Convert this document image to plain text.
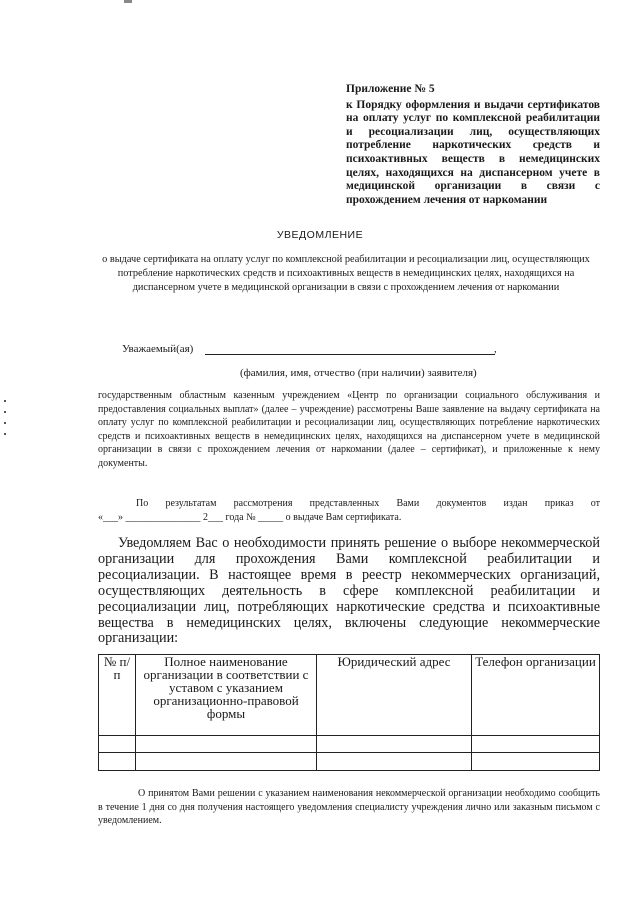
Приложение № 5
к Порядку оформления и выдачи сертификатов на оплату услуг по комплексной реабилитации и ресоциализации лиц, осуществляющих потребление наркотических средств и психоактивных веществ в немедицинских целях, находящихся на диспансерном учете в медицинской организации в связи с прохождением лечения от наркомании
УВЕДОМЛЕНИЕ
о выдаче сертификата на оплату услуг по комплексной реабилитации и ресоциализации лиц, осуществляющих потребление наркотических средств и психоактивных веществ в немедицинских целях, находящихся на диспансерном учете в медицинской организации в связи с прохождением лечения от наркомании
Уважаемый(ая)	,
(фамилия, имя, отчество (при наличии) заявителя)
государственным областным казенным учреждением «Центр по организации социального обслуживания и предоставления социальных выплат» (далее – учреждение) рассмотрены Ваше заявление на выдачу сертификата на оплату услуг по комплексной реабилитации и ресоциализации лиц, осуществляющих потребление наркотических средств и психоактивных веществ в немедицинских целях, находящихся на диспансерном учете в медицинской организации в связи с прохождением лечения от наркомании (далее – сертификат), и приложенные к нему документы.

По результатам рассмотрения представленных Вами документов издан приказ от

«___» _______________ 2___ года № _____ о выдаче Вам сертификата.

Уведомляем Вас о необходимости принять решение о выборе некоммерческой организации для прохождения Вами комплексной реабилитации и ресоциализации. В настоящее время в реестр некоммерческих организаций, осуществляющих деятельность в сфере комплексной реабилитации и ресоциализации лиц, потребляющих наркотические средства и психоактивные вещества в немедицинских целях, включены следующие некоммерческие организации:
№ п/п	Полное наименование организации в соответствии с уставом с указанием организационно-правовой формы	Юридический адрес	Телефон организации

О принятом Вами решении с указанием наименования некоммерческой организации необходимо сообщить в течение 1 дня со дня получения настоящего уведомления специалисту учреждения лично или заказным письмом с уведомлением.
